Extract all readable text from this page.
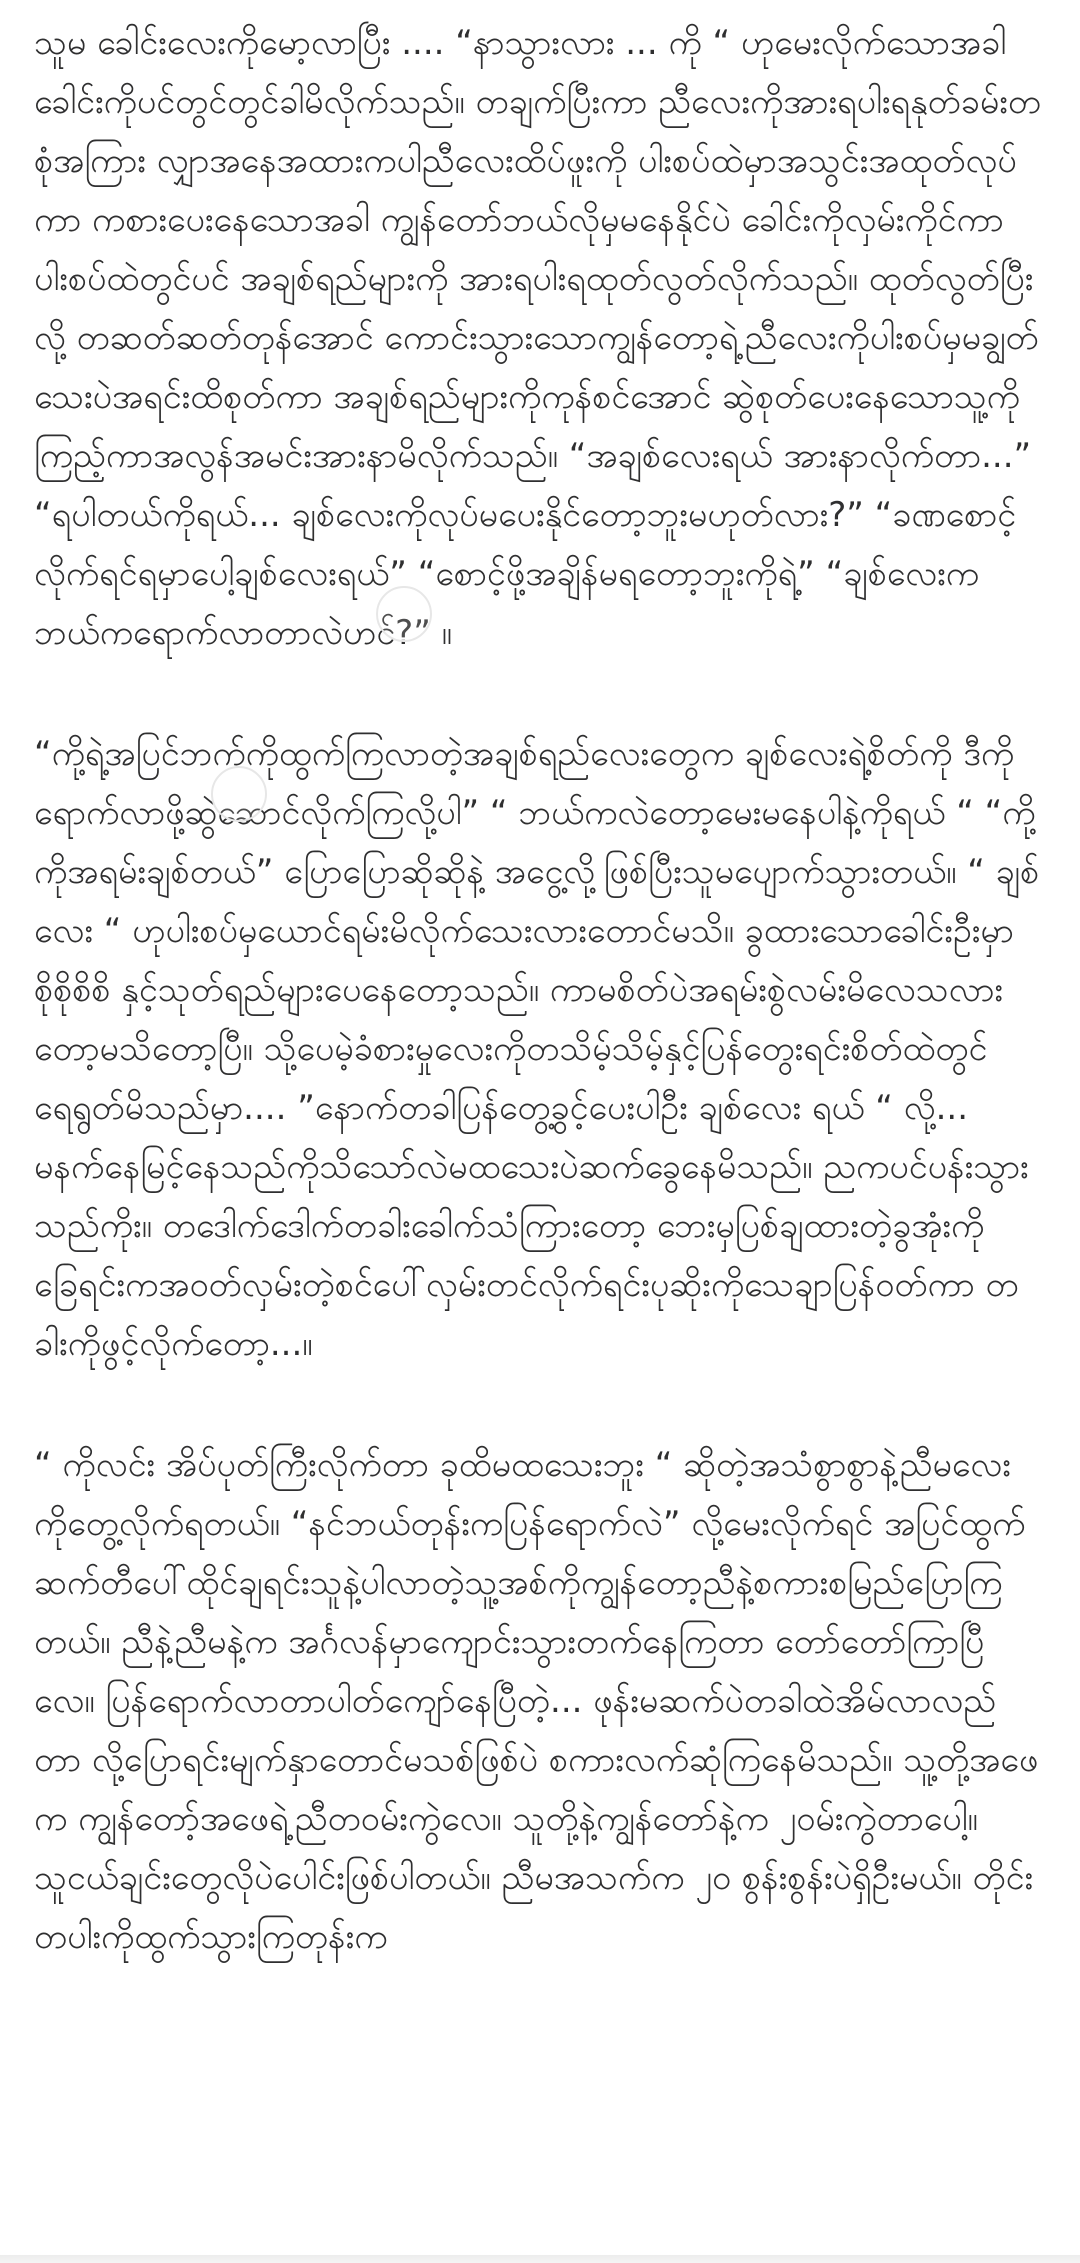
သူမ ခေါင်းလေးကိုမော့လာပြီး .... “နာသွားလား ... ကို “ ဟုမေးလိုက်သောအခါ ခေါင်းကိုပင်တွင်တွင်ခါမိလိုက်သည်။ တချက်ပြီးကာ ညီလေးကိုအားရပါးရနုတ်ခမ်းတစုံအကြား လျှာအနေအထားကပါညီလေးထိပ်ဖူးကို ပါးစပ်ထဲမှာအသွင်းအထုတ်လုပ်ကာ ကစားပေးနေသောအခါ ကျွန်တော်ဘယ်လိုမှမနေနိုင်ပဲ ခေါင်းကိုလှမ်းကိုင်ကာ ပါးစပ်ထဲတွင်ပင် အချစ်ရည်များကို အားရပါးရထုတ်လွတ်လိုက်သည်။ ထုတ်လွတ်ပြီးလို့ တဆတ်ဆတ်တုန်အောင် ကောင်းသွားသောကျွန်တော့ရဲ့ညီလေးကိုပါးစပ်မှမချွတ်သေးပဲအရင်းထိစုတ်ကာ အချစ်ရည်များကိုကုန်စင်အောင် ဆွဲစုတ်ပေးနေသောသူ့ကိုကြည့်ကာအလွန်အမင်းအားနာမိလိုက်သည်။ “အချစ်လေးရယ် အားနာလိုက်တာ...” “ရပါတယ်ကိုရယ်... ချစ်လေးကိုလုပ်မပေးနိုင်တော့ဘူးမဟုတ်လား?” “ခဏစောင့်လိုက်ရင်ရမှာပေါ့ချစ်လေးရယ်” “စောင့်ဖို့အချိန်မရတော့ဘူးကိုရဲ့” “ချစ်လေးကဘယ်ကရောက်လာတာလဲဟင်?” ။

“ကို့ရဲ့အပြင်ဘက်ကိုထွက်ကြလာတဲ့အချစ်ရည်လေးတွေက ချစ်လေးရဲ့စိတ်ကို ဒီကိုရောက်လာဖို့ဆွဲဆောင်လိုက်ကြလို့ပါ” “ ဘယ်ကလဲတော့မေးမနေပါနဲ့ကိုရယ် “ “ကို့ကိုအရမ်းချစ်တယ်” ပြောပြောဆိုဆိုနဲ့ အငွေ့လို့ဖြစ်ပြီးသူမပျောက်သွားတယ်။ “ ချစ်လေး “ ဟုပါးစပ်မှယောင်ရမ်းမိလိုက်သေးလားတောင်မသိ။ ခွထားသောခေါင်းဦးမှာ စိုစိုစိစိ နှင့်သုတ်ရည်များပေနေတော့သည်။ ကာမစိတ်ပဲအရမ်းစွဲလမ်းမိလေသလားတော့မသိတော့ပြီ။ သို့ပေမဲ့ခံစားမှုလေးကိုတသိမ့်သိမ့်နှင့်ပြန်တွေးရင်းစိတ်ထဲတွင်ရေရွတ်မိသည်မှာ.... ”နောက်တခါပြန်တွေ့ခွင့်ပေးပါဦး ချစ်လေး ရယ် “ လို့... မနက်နေမြင့်နေသည်ကိုသိသော်လဲမထသေးပဲဆက်ခွေနေမိသည်။ ညကပင်ပန်းသွားသည်ကိုး။ တဒေါက်ဒေါက်တခါးခေါက်သံကြားတော့ ဘေးမှပြစ်ချထားတဲ့ခွအုံးကို ခြေရင်းကအဝတ်လှမ်းတဲ့စင်ပေါ်လှမ်းတင်လိုက်ရင်းပုဆိုးကိုသေချာပြန်ဝတ်ကာ တခါးကိုဖွင့်လိုက်တော့...။

“ ကိုလင်း အိပ်ပုတ်ကြီးလိုက်တာ ခုထိမထသေးဘူး “ ဆိုတဲ့အသံစွာစွာနဲ့ညီမလေးကိုတွေ့လိုက်ရတယ်။ “နင်ဘယ်တုန်းကပြန်ရောက်လဲ” လို့မေးလိုက်ရင် အပြင်ထွက် ဆက်တီပေါ်ထိုင်ချရင်းသူနဲ့ပါလာတဲ့သူ့အစ်ကိုကျွန်တော့ညီနဲ့စကားစမြည်ပြောကြတယ်။ ညီနဲ့ညီမနဲ့က အင်္ဂလန်မှာကျောင်းသွားတက်နေကြတာ တော်တော်ကြာပြီလေ။ ပြန်ရောက်လာတာပါတ်ကျော်နေပြီတဲ့... ဖုန်းမဆက်ပဲတခါထဲအိမ်လာလည်တာ လို့ပြောရင်းမျက်နှာတောင်မသစ်ဖြစ်ပဲ စကားလက်ဆုံကြနေမိသည်။ သူ့တို့အဖေက ကျွန်တော့်အဖေရဲ့ညီတဝမ်းကွဲလေ။ သူတို့နဲ့ကျွန်တော်နဲ့က ၂ဝမ်းကွဲတာပေါ့။ သူငယ်ချင်းတွေလိုပဲပေါင်းဖြစ်ပါတယ်။ ညီမအသက်က ၂၀ စွန်းစွန်းပဲရှိဦးမယ်။ တိုင်းတပါးကိုထွက်သွားကြတုန်းက
